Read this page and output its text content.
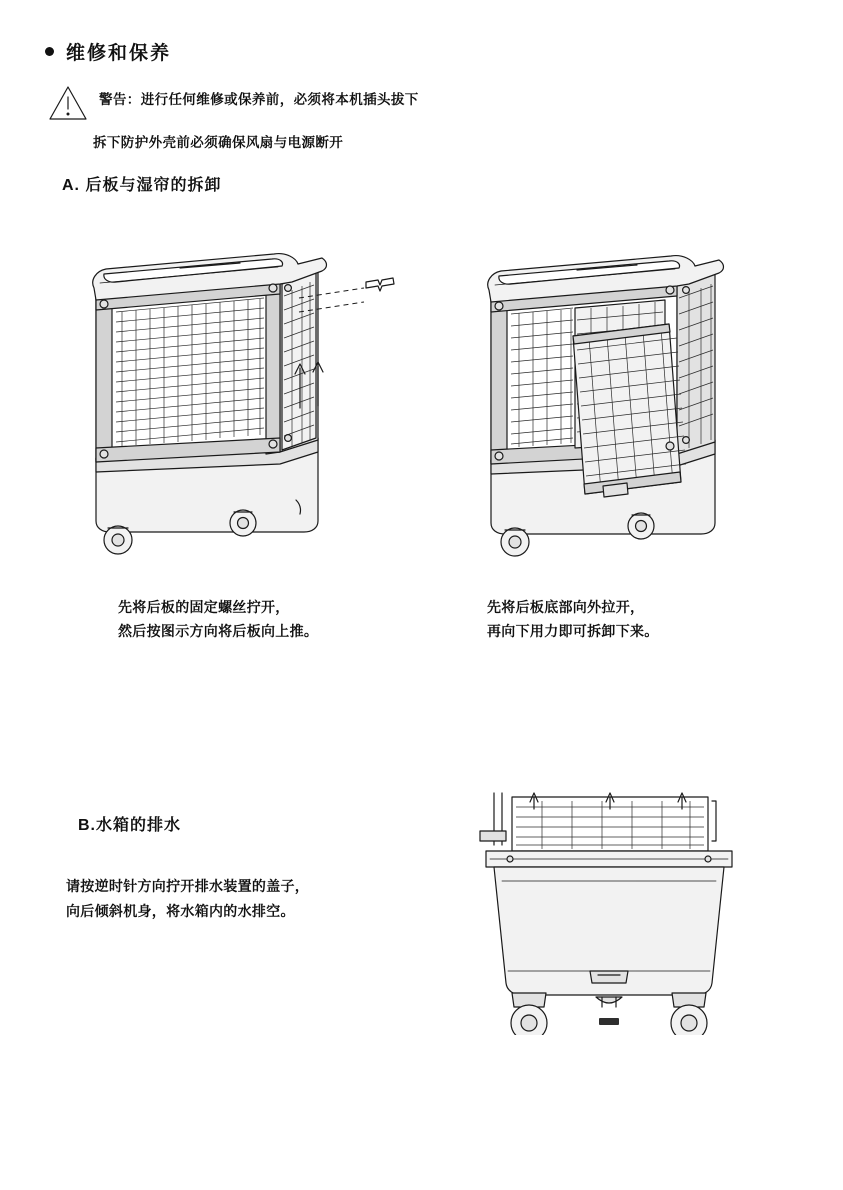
维修和保养
警告：进行任何维修或保养前，必须将本机插头拔下
拆下防护外壳前必须确保风扇与电源断开
A. 后板与湿帘的拆卸
先将后板的固定螺丝拧开，
然后按图示方向将后板向上推。
先将后板底部向外拉开，
再向下用力即可拆卸下来。
B.水箱的排水
请按逆时针方向拧开排水装置的盖子，
向后倾斜机身，将水箱内的水排空。
